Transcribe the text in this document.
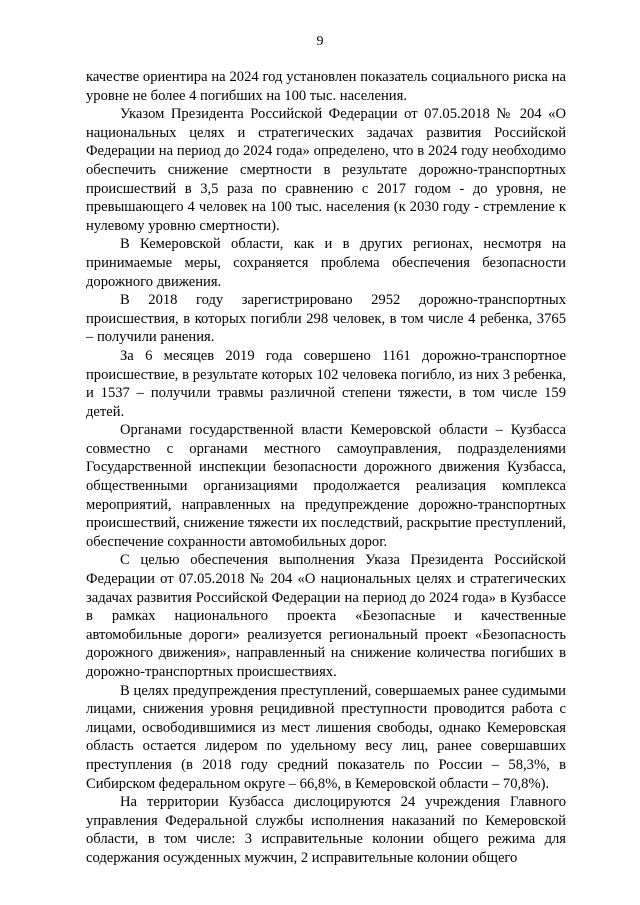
9

качестве ориентира на 2024 год установлен показатель социального риска на уровне не более 4 погибших на 100 тыс. населения.

Указом Президента Российской Федерации от 07.05.2018 № 204 «О национальных целях и стратегических задачах развития Российской Федерации на период до 2024 года» определено, что в 2024 году необходимо обеспечить снижение смертности в результате дорожно-транспортных происшествий в 3,5 раза по сравнению с 2017 годом - до уровня, не превышающего 4 человек на 100 тыс. населения (к 2030 году - стремление к нулевому уровню смертности).

В Кемеровской области, как и в других регионах, несмотря на принимаемые меры, сохраняется проблема обеспечения безопасности дорожного движения.

В 2018 году зарегистрировано 2952 дорожно-транспортных происшествия, в которых погибли 298 человек, в том числе 4 ребенка, 3765 – получили ранения.

За 6 месяцев 2019 года совершено 1161 дорожно-транспортное происшествие, в результате которых 102 человека погибло, из них 3 ребенка, и 1537 – получили травмы различной степени тяжести, в том числе 159 детей.

Органами государственной власти Кемеровской области – Кузбасса совместно с органами местного самоуправления, подразделениями Государственной инспекции безопасности дорожного движения Кузбасса, общественными организациями продолжается реализация комплекса мероприятий, направленных на предупреждение дорожно-транспортных происшествий, снижение тяжести их последствий, раскрытие преступлений, обеспечение сохранности автомобильных дорог.

С целью обеспечения выполнения Указа Президента Российской Федерации от 07.05.2018 № 204 «О национальных целях и стратегических задачах развития Российской Федерации на период до 2024 года» в Кузбассе в рамках национального проекта «Безопасные и качественные автомобильные дороги» реализуется региональный проект «Безопасность дорожного движения», направленный на снижение количества погибших в дорожно-транспортных происшествиях.

В целях предупреждения преступлений, совершаемых ранее судимыми лицами, снижения уровня рецидивной преступности проводится работа с лицами, освободившимися из мест лишения свободы, однако Кемеровская область остается лидером по удельному весу лиц, ранее совершавших преступления (в 2018 году средний показатель по России – 58,3%, в Сибирском федеральном округе – 66,8%, в Кемеровской области – 70,8%).

На территории Кузбасса дислоцируются 24 учреждения Главного управления Федеральной службы исполнения наказаний по Кемеровской области, в том числе: 3 исправительные колонии общего режима для содержания осужденных мужчин, 2 исправительные колонии общего
